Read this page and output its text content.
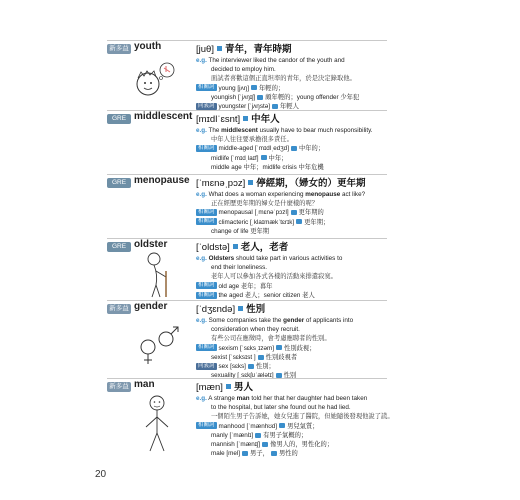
新多益 youth	[juθ] 青年，青年時期
e.g. The interviewer liked the candor of the youth and
decided to employ him.
面試者喜歡這個正直坦率的青年，於是決定錄取他。
相關詞 young [jʌŋ] 年輕的；
youngish [ˈjʌŋɪʃ] 頗年輕的；young offender 少年犯
同義詞 youngster [ˈjʌŋstə] 年輕人
GRE middlescent [mɪdlˈɛsnt] 中年人
e.g. The middlescent usually have to bear much responsibility.
中年人往往要承擔很多責任。
相關詞 middle-aged [ˈmɪdlˌedʒd] 中年的；
midlife [ˈmɪdˌlaɪf] 中年；
middle age 中年；midlife crisis 中年危機
GRE menopause [ˈmɛnəˌpɔz] 停經期，（婦女的）更年期
e.g. What does a woman experiencing menopause act like?
正在經歷更年期的婦女是什麼樣的呢？
相關詞 menopausal [ˌmɛnəˈpɔzl] 更年期的
相關詞 climacteric [ˌklaɪmækˈtɛrɪk] 更年期；
change of life 更年期
GRE oldster	[ˈoldstə] 老人，老者
e.g. Oldsters should take part in various activities to
end their loneliness.
老年人可以參加各式各樣的活動來排遣寂寞。
相關詞 old age 老年；暮年
相關詞 the aged 老人；senior citizen 老人
新多益 gender	[ˈdʒɛndə] 性別
e.g. Some companies take the gender of applicants into
consideration when they recruit.
有些公司在應徵時，會考慮應聘者的性別。
相關詞 sexism [ˈsɛksˌɪzəm] 性別歧視；
sexist [ˈsɛksɪst ] 性別歧視者
同義詞 sex [sɛks] 性別；
sexuality [ˌsɛkʃʊˈælətɪ] 性別
新多益 man	[mæn] 男人
e.g. A strange man told her that her daughter had been taken
to the hospital, but later she found out he had lied.
一個陌生男子告訴她，她女兒進了醫院，但她隨後發現他說了謊。
相關詞 manhood [ˈmænhʊd] 男兒氣質；
manly [ˈmænlɪ] 有男子氣概的；
mannish [ˈmænɪʃ] 像男人的，男性化的；
male [mel] 男子， 男性的
20
